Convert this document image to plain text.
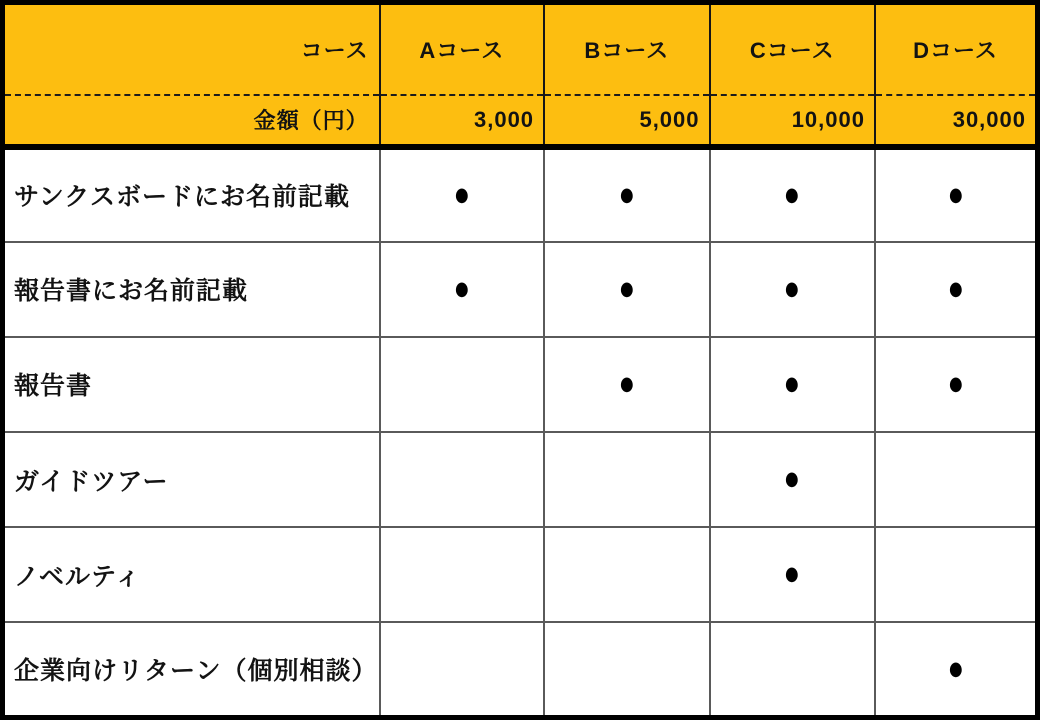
コース	Aコース	Bコース	Cコース	Dコース
金額（円）	3,000	5,000	10,000	30,000
サンクスボードにお名前記載	●	●	●	●
報告書にお名前記載	●	●	●	●
報告書		●	●	●
ガイドツアー			●	
ノベルティ			●	
企業向けリターン（個別相談）				●
